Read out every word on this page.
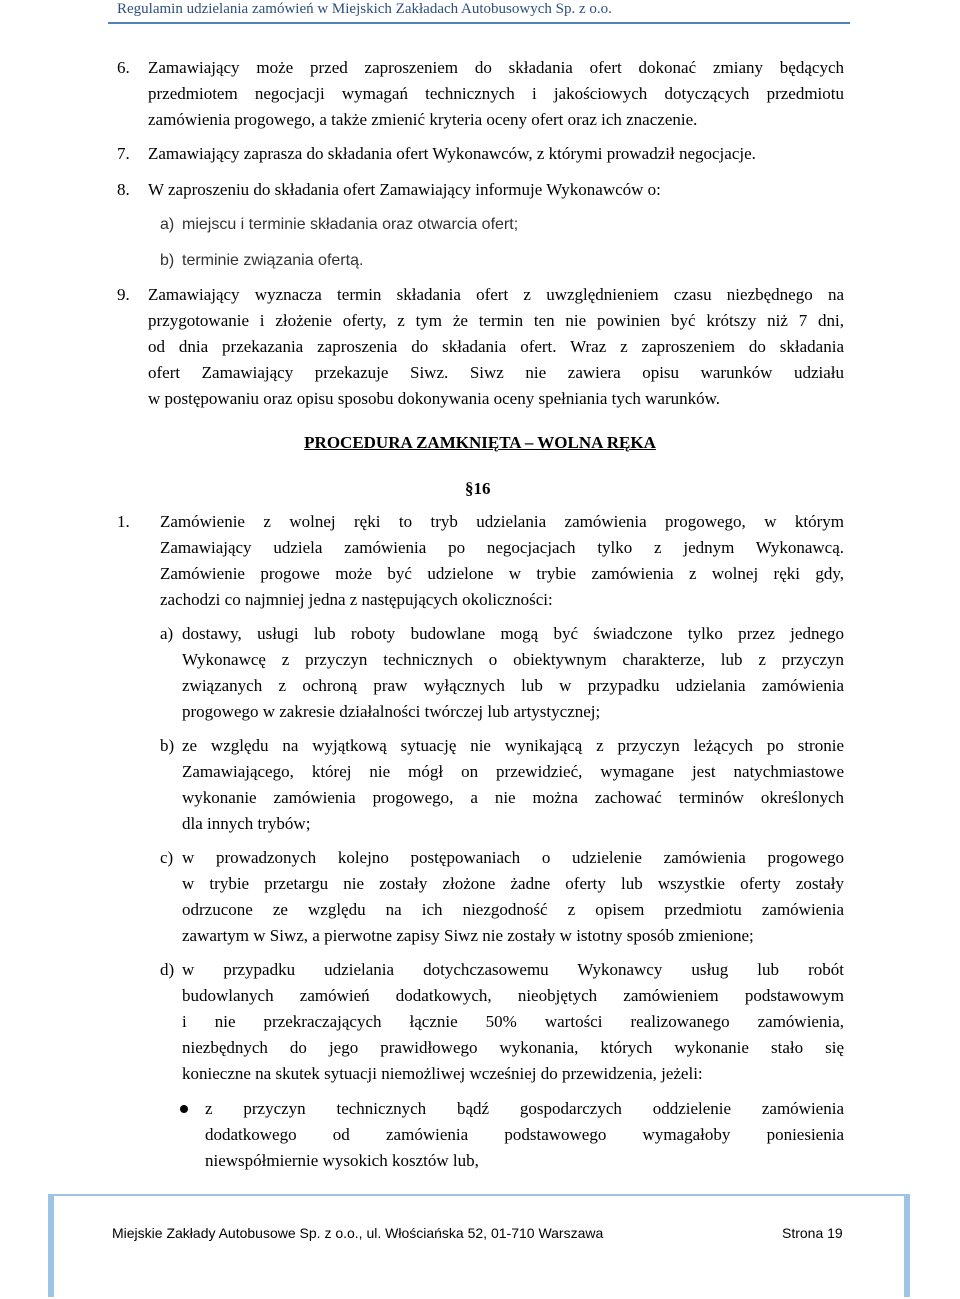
Regulamin udzielania zamówień w Miejskich Zakładach Autobusowych Sp. z o.o.
6. Zamawiający może przed zaproszeniem do składania ofert dokonać zmiany będących
przedmiotem negocjacji wymagań technicznych i jakościowych dotyczących przedmiotu
zamówienia progowego, a także zmienić kryteria oceny ofert oraz ich znaczenie.
7. Zamawiający zaprasza do składania ofert Wykonawców, z którymi prowadził negocjacje.
8. W zaproszeniu do składania ofert Zamawiający informuje Wykonawców o:
a) miejscu i terminie składania oraz otwarcia ofert;
b) terminie związania ofertą.
9. Zamawiający wyznacza termin składania ofert z uwzględnieniem czasu niezbędnego na
przygotowanie i złożenie oferty, z tym że termin ten nie powinien być krótszy niż 7 dni,
od dnia przekazania zaproszenia do składania ofert. Wraz z zaproszeniem do składania
ofert Zamawiający przekazuje Siwz. Siwz nie zawiera opisu warunków udziału
w postępowaniu oraz opisu sposobu dokonywania oceny spełniania tych warunków.
PROCEDURA ZAMKNIĘTA – WOLNA RĘKA
§16
1. Zamówienie z wolnej ręki to tryb udzielania zamówienia progowego, w którym
Zamawiający udziela zamówienia po negocjacjach tylko z jednym Wykonawcą.
Zamówienie progowe może być udzielone w trybie zamówienia z wolnej ręki gdy,
zachodzi co najmniej jedna z następujących okoliczności:
a) dostawy, usługi lub roboty budowlane mogą być świadczone tylko przez jednego
Wykonawcę z przyczyn technicznych o obiektywnym charakterze, lub z przyczyn
związanych z ochroną praw wyłącznych lub w przypadku udzielania zamówienia
progowego w zakresie działalności twórczej lub artystycznej;
b) ze względu na wyjątkową sytuację nie wynikającą z przyczyn leżących po stronie
Zamawiającego, której nie mógł on przewidzieć, wymagane jest natychmiastowe
wykonanie zamówienia progowego, a nie można zachować terminów określonych
dla innych trybów;
c) w prowadzonych kolejno postępowaniach o udzielenie zamówienia progowego
w trybie przetargu nie zostały złożone żadne oferty lub wszystkie oferty zostały
odrzucone ze względu na ich niezgodność z opisem przedmiotu zamówienia
zawartym w Siwz, a pierwotne zapisy Siwz nie zostały w istotny sposób zmienione;
d) w przypadku udzielania dotychczasowemu Wykonawcy usług lub robót
budowlanych zamówień dodatkowych, nieobjętych zamówieniem podstawowym
i nie przekraczających łącznie 50% wartości realizowanego zamówienia,
niezbędnych do jego prawidłowego wykonania, których wykonanie stało się
konieczne na skutek sytuacji niemożliwej wcześniej do przewidzenia, jeżeli:
z przyczyn technicznych bądź gospodarczych oddzielenie zamówienia
dodatkowego od zamówienia podstawowego wymagałoby poniesienia
niewspółmiernie wysokich kosztów lub,
Miejskie Zakłady Autobusowe Sp. z o.o., ul. Włościańska 52, 01-710 Warszawa	Strona 19
